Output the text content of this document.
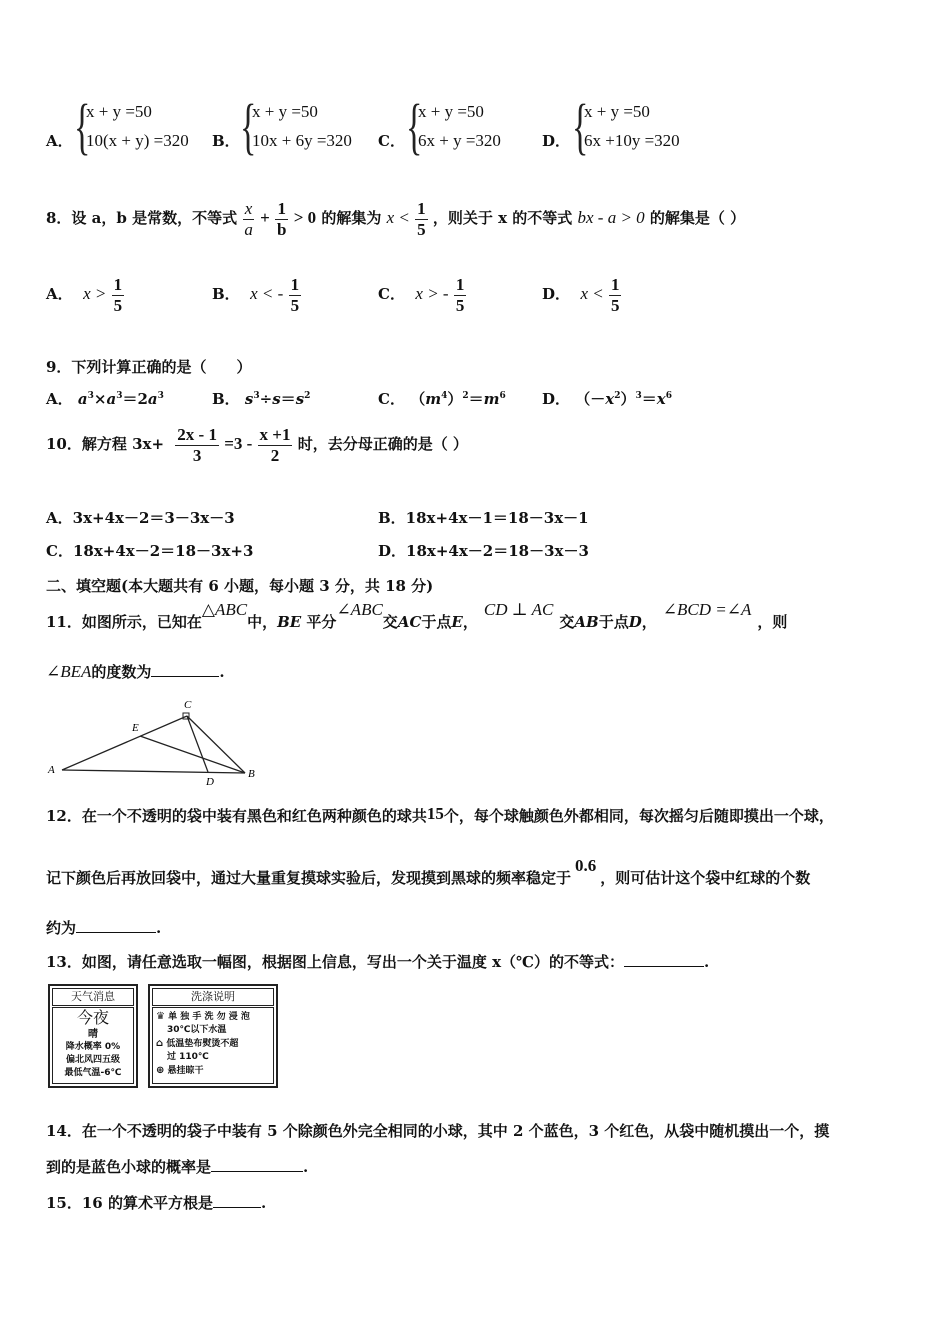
A． {
x + y =50
10(x + y) =320 B． {
x + y =50
10x + 6y =320 C． {
x + y =50
6x + y =320	D． {
x + y =50
6x +10y =320
8．设 a，b 是常数，不等式 $\frac{x}{a} + \frac{1}{b} > 0$ 的解集为 $x < \frac{1}{5}$ ，则关于 x 的不等式 bx - a > 0 的解集是（ ）
A． $x > \frac{1}{5}$	B． x < - $\frac{1}{5}$	C． x > - $\frac{1}{5}$	D． $x < \frac{1}{5}$
9．下列计算正确的是（　　）
A． $a^3\times a^3=2a^3$	B． $s^3\div s=s^2$	C． $(m^4)^2=m^6$ D． $(-x^2)^3=x^6$
10．解方程 $3x+ \frac{2x - 1}{3} =3 - \frac{x +1}{2}$ 时，去分母正确的是（ ）
A．3x+4x－2＝3－3x－3	B．18x+4x－1＝18－3x－1
C．18x+4x－2＝18－3x+3	D．18x+4x－2＝18－3x－3
二、填空题(本大题共有 6 小题，每小题 3 分，共 18 分)
11．如图所示，已知在△ABC中，BE 平分∠ABC交AC于点E，CD ⊥ AC交AB于点D，∠BCD =∠A，则
∠BEA的度数为	.
A	B
C
D
E
12．在一个不透明的袋中装有黑色和红色两种颜色的球共15个，每个球触颜色外都相同，每次摇匀后随即摸出一个球，
记下颜色后再放回袋中，通过大量重复摸球实验后，发现摸到黑球的频率稳定于0.6，则可估计这个袋中红球的个数
约为	.
13．如图，请任意选取一幅图，根据图上信息，写出一个关于温度 x（℃）的不等式：	.
天气消息
今夜
晴
降水概率 0%
偏北风四五级
最低气温-6℃
洗涤说明
♛ 单 独 手 洗 勿 浸 泡
30℃以下水温
⌂ 低温垫布熨烫不超
过 110℃
⊕ 悬挂晾干
14．在一个不透明的袋子中装有 5 个除颜色外完全相同的小球，其中 2 个蓝色，3 个红色，从袋中随机摸出一个，摸
到的是蓝色小球的概率是	.
15．16 的算术平方根是	.
